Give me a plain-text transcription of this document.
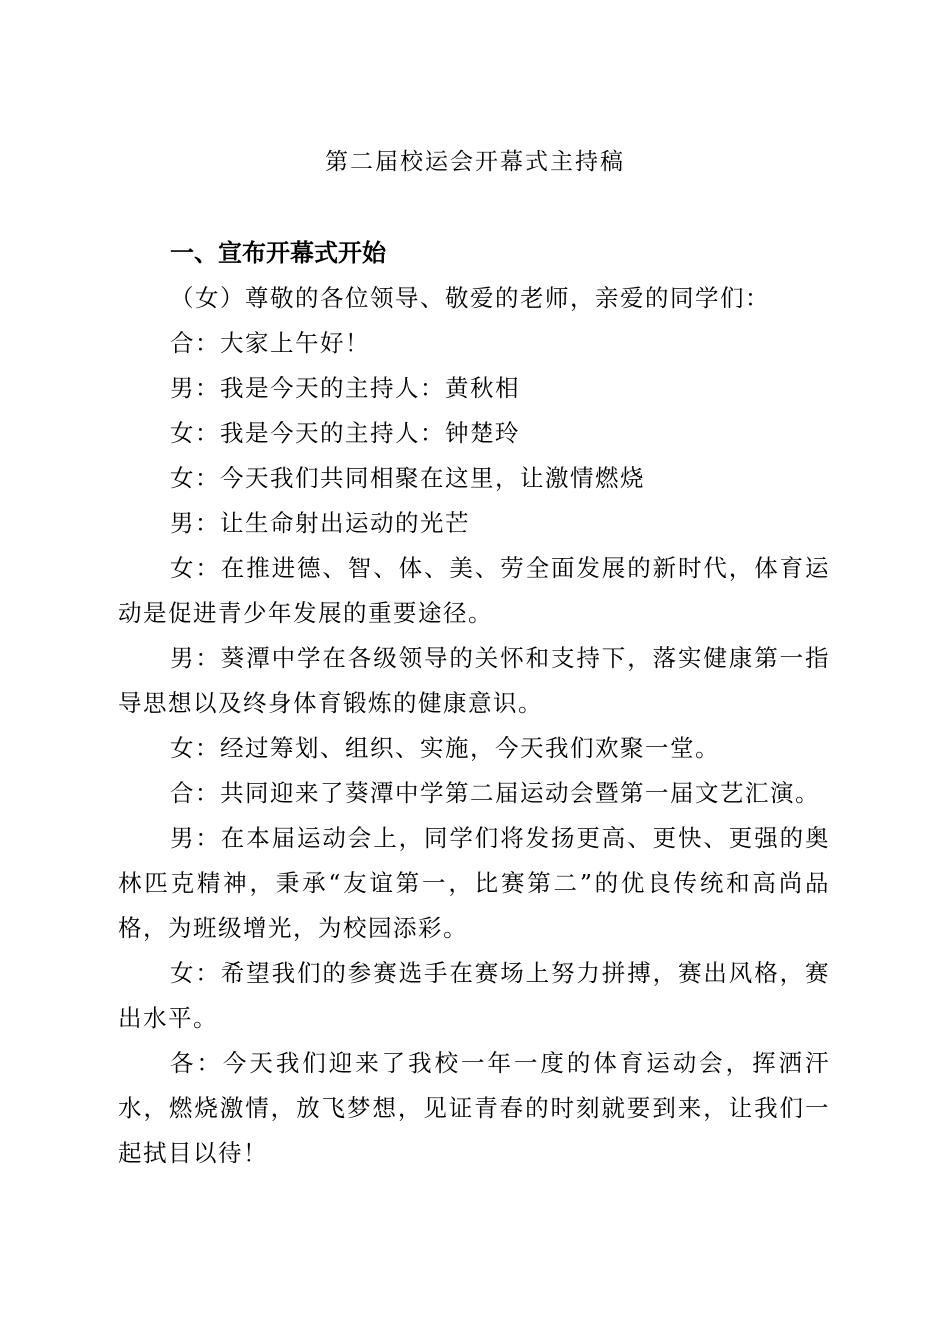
第二届校运会开幕式主持稿
一、宣布开幕式开始

（女）尊敬的各位领导、敬爱的老师，亲爱的同学们：

合：大家上午好！

男：我是今天的主持人：黄秋相

女：我是今天的主持人：钟楚玲

女：今天我们共同相聚在这里，让激情燃烧

男：让生命射出运动的光芒

女：在推进德、智、体、美、劳全面发展的新时代，体育运动是促进青少年发展的重要途径。

男：葵潭中学在各级领导的关怀和支持下，落实健康第一指导思想以及终身体育锻炼的健康意识。

女：经过筹划、组织、实施，今天我们欢聚一堂。

合：共同迎来了葵潭中学第二届运动会暨第一届文艺汇演。

男：在本届运动会上，同学们将发扬更高、更快、更强的奥林匹克精神，秉承“友谊第一，比赛第二”的优良传统和高尚品格，为班级增光，为校园添彩。

女：希望我们的参赛选手在赛场上努力拼搏，赛出风格，赛出水平。

各：今天我们迎来了我校一年一度的体育运动会，挥洒汗水，燃烧激情，放飞梦想，见证青春的时刻就要到来，让我们一起拭目以待！
